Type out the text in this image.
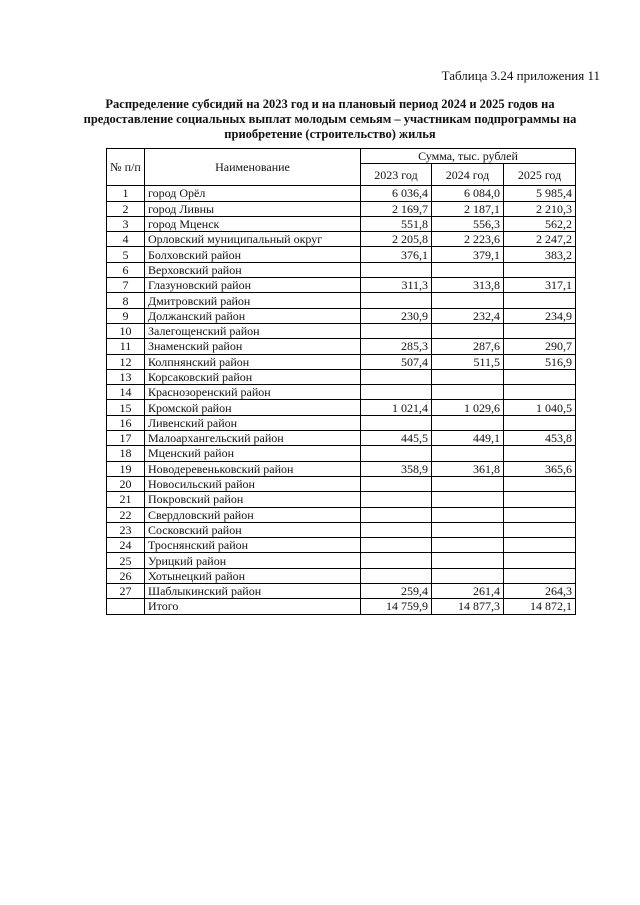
Таблица 3.24 приложения 11
Распределение субсидий на 2023 год и на плановый период 2024 и 2025 годов на предоставление социальных выплат молодым семьям – участникам подпрограммы на приобретение (строительство) жилья
№ п/п	Наименование	Сумма, тыс. рублей		
		2023 год	2024 год	2025 год
1	город Орёл	6 036,4	6 084,0	5 985,4
2	город Ливны	2 169,7	2 187,1	2 210,3
3	город Мценск	551,8	556,3	562,2
4	Орловский муниципальный округ	2 205,8	2 223,6	2 247,2
5	Болховский район	376,1	379,1	383,2
6	Верховский район			
7	Глазуновский район	311,3	313,8	317,1
8	Дмитровский район			
9	Должанский район	230,9	232,4	234,9
10	Залегощенский район			
11	Знаменский район	285,3	287,6	290,7
12	Колпнянский район	507,4	511,5	516,9
13	Корсаковский район			
14	Краснозоренский район			
15	Кромской район	1 021,4	1 029,6	1 040,5
16	Ливенский район			
17	Малоархангельский район	445,5	449,1	453,8
18	Мценский район			
19	Новодеревеньковский район	358,9	361,8	365,6
20	Новосильский район			
21	Покровский район			
22	Свердловский район			
23	Сосковский район			
24	Троснянский район			
25	Урицкий район			
26	Хотынецкий район			
27	Шаблыкинский район	259,4	261,4	264,3
	Итого	14 759,9	14 877,3	14 872,1
